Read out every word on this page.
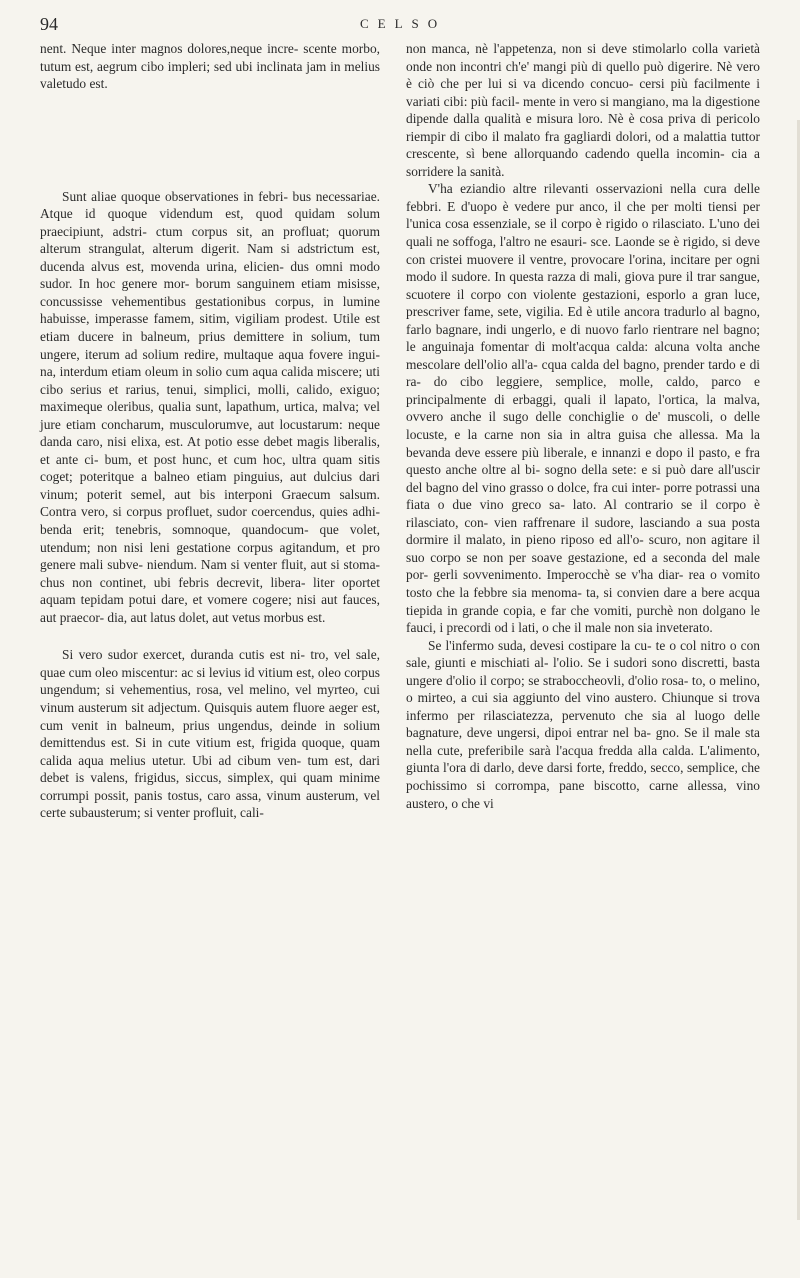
94	CELSO

nent. Neque inter magnos dolores,neque incre- scente morbo, tutum est, aegrum cibo impleri; sed ubi inclinata jam in melius valetudo est.

Sunt aliae quoque observationes in febri- bus necessariae. Atque id quoque videndum est, quod quidam solum praecipiunt, adstri- ctum corpus sit, an profluat; quorum alterum strangulat, alterum digerit. Nam si adstrictum est, ducenda alvus est, movenda urina, elicien- dus omni modo sudor. In hoc genere mor- borum sanguinem etiam misisse, concussisse vehementibus gestationibus corpus, in lumine habuisse, imperasse famem, sitim, vigiliam prodest. Utile est etiam ducere in balneum, prius demittere in solium, tum ungere, iterum ad solium redire, multaque aqua fovere ingui- na, interdum etiam oleum in solio cum aqua calida miscere; uti cibo serius et rarius, tenui, simplici, molli, calido, exiguo; maximeque oleribus, qualia sunt, lapathum, urtica, malva; vel jure etiam concharum, musculorumve, aut locustarum: neque danda caro, nisi elixa, est. At potio esse debet magis liberalis, et ante ci- bum, et post hunc, et cum hoc, ultra quam sitis coget; poteritque a balneo etiam pinguius, aut dulcius dari vinum; poterit semel, aut bis interponi Graecum salsum. Contra vero, si corpus profluet, sudor coercendus, quies adhi- benda erit; tenebris, somnoque, quandocum- que volet, utendum; non nisi leni gestatione corpus agitandum, et pro genere mali subve- niendum. Nam si venter fluit, aut si stoma- chus non continet, ubi febris decrevit, libera- liter oportet aquam tepidam potui dare, et vomere cogere; nisi aut fauces, aut praecor- dia, aut latus dolet, aut vetus morbus est.

Si vero sudor exercet, duranda cutis est ni- tro, vel sale, quae cum oleo miscentur: ac si levius id vitium est, oleo corpus ungendum; si vehementius, rosa, vel melino, vel myrteo, cui vinum austerum sit adjectum. Quisquis autem fluore aeger est, cum venit in balneum, prius ungendus, deinde in solium demittendus est. Si in cute vitium est, frigida quoque, quam calida aqua melius utetur. Ubi ad cibum ven- tum est, dari debet is valens, frigidus, siccus, simplex, qui quam minime corrumpi possit, panis tostus, caro assa, vinum austerum, vel certe subausterum; si venter profluit, cali-

non manca, nè l'appetenza, non si deve stimolarlo colla varietà onde non incontri ch'e' mangi più di quello può digerire. Nè vero è ciò che per lui si va dicendo concuo- cersi più facilmente i variati cibi: più facil- mente in vero si mangiano, ma la digestione dipende dalla qualità e misura loro. Nè è cosa priva di pericolo riempir di cibo il malato fra gagliardi dolori, od a malattia tuttor crescente, sì bene allorquando cadendo quella incomin- cia a sorridere la sanità.

V'ha eziandio altre rilevanti osservazioni nella cura delle febbri. E d'uopo è vedere pur anco, il che per molti tiensi per l'unica cosa essenziale, se il corpo è rigido o rilasciato. L'uno dei quali ne soffoga, l'altro ne esauri- sce. Laonde se è rigido, si deve con cristei muovere il ventre, provocare l'orina, incitare per ogni modo il sudore. In questa razza di mali, giova pure il trar sangue, scuotere il corpo con violente gestazioni, esporlo a gran luce, prescriver fame, sete, vigilia. Ed è utile ancora tradurlo al bagno, farlo bagnare, indi ungerlo, e di nuovo farlo rientrare nel bagno; le anguinaja fomentar di molt'acqua calda: alcuna volta anche mescolare dell'olio all'a- cqua calda del bagno, prender tardo e di ra- do cibo leggiere, semplice, molle, caldo, parco e principalmente di erbaggi, quali il lapato, l'ortica, la malva, ovvero anche il sugo delle conchiglie o de' muscoli, o delle locuste, e la carne non sia in altra guisa che allessa. Ma la bevanda deve essere più liberale, e innanzi e dopo il pasto, e fra questo anche oltre al bi- sogno della sete: e si può dare all'uscir del bagno del vino grasso o dolce, fra cui inter- porre potrassi una fiata o due vino greco sa- lato. Al contrario se il corpo è rilasciato, con- vien raffrenare il sudore, lasciando a sua posta dormire il malato, in pieno riposo ed all'o- scuro, non agitare il suo corpo se non per soave gestazione, ed a seconda del male por- gerli sovvenimento. Imperocchè se v'ha diar- rea o vomito tosto che la febbre sia menoma- ta, si convien dare a bere acqua tiepida in grande copia, e far che vomiti, purchè non dolgano le fauci, i precordi od i lati, o che il male non sia inveterato.

Se l'infermo suda, devesi costipare la cu- te o col nitro o con sale, giunti e mischiati al- l'olio. Se i sudori sono discretti, basta ungere d'olio il corpo; se straboccheovli, d'olio rosa- to, o melino, o mirteo, a cui sia aggiunto del vino austero. Chiunque si trova infermo per rilasciatezza, pervenuto che sia al luogo delle bagnature, deve ungersi, dipoi entrar nel ba- gno. Se il male sta nella cute, preferibile sarà l'acqua fredda alla calda. L'alimento, giunta l'ora di darlo, deve darsi forte, freddo, secco, semplice, che pochissimo si corrompa, pane biscotto, carne allessa, vino austero, o che vi
